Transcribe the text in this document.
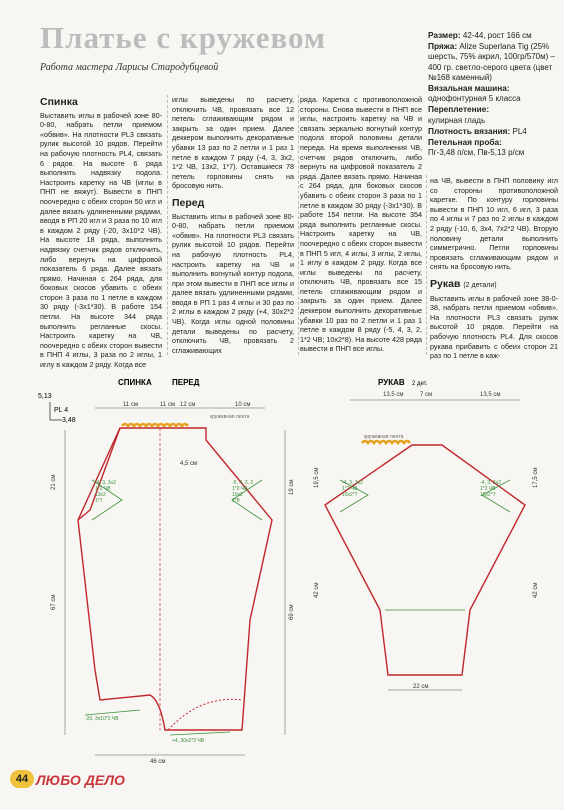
Платье с кружевом
Работа мастера Ларисы Стародубцевой
Размер: 42-44, рост 166 см
Пряжа: Alize Superlana Tig (25% шерсть, 75% акрил, 100гр/570м) – 400 гр. светло-серого цвета (цвет №168 каменный)
Вязальная машина:
однофонтурная 5 класса
Переплетение:
кулирная гладь
Плотность вязания: PL4
Петельная проба:
Пг-3,48 п/см, Пв-5,13 р/см
Спинка
Выставить иглы в рабочей зоне 80-0-80, набрать петли приемом «обвив». На плотности PL3 связать рулик высотой 10 рядов. Перейти на рабочую плотность PL4, связать 6 рядов. На высоте 6 ряда выполнить надвязку подола. Настроить каретку на ЧВ (иглы в ПНП не вяжут). Вывести в ПНП поочередно с обеих сторон 50 игл и далее вязать удлиненными рядами, вводя в РП 20 игл и 3 раза по 10 игл в каждом 2 ряду (-20, 3х10*2 ЧВ). На высоте 18 ряда, выполнить надвязку счетчик рядов отключить, либо вернуть на цифровой показатель 6 ряда. Далее вязать прямо. Начиная с 264 ряда, для боковых скосов убавить с обеих сторон 3 раза по 1 петле в каждом 30 ряду (-3х1*30). В работе 154 петли. На высоте 344 ряда выполнить регланные скосы. Настроить каретку на ЧВ, поочередно с обеих сторон вывести в ПНП 4 иглы, 3 раза по 2 иглы, 1 иглу в каждом 2 ряду. Когда все
иглы выведены по расчету, отключить ЧВ, провязать все 12 петель сглаживающим рядом и закрыть за один прием. Далее деккером выполнить декоративные убавки 13 раз по 2 петли и 1 раз 1 петле в каждом 7 ряду (-4, 3, 3х2, 1*2 ЧВ, 13х2, 1*7). Оставшиеся 78 петель горловины снять на бросовую нить.
Перед
Выставить иглы в рабочей зоне 80-0-80, набрать петли приемом «обвив». На плотности PL3 связать рулик высотой 10 рядов. Перейти на рабочую плотность PL4, настроить каретку на ЧВ и выполнить вогнутый контур подола, при этом вывести в ПНП все иглы и далее вязать удлиненными рядами, вводя в РП 1 раз 4 иглы и 30 раз по 2 иглы в каждом 2 ряду (+4, 30х2*2 ЧВ). Когда иглы одной половины детали выведены по расчету, отключить ЧВ, провязать 2 сглаживающих
ряда. Каретка с противоположной стороны. Снова вывести в ПНП все иглы, настроить каретку на ЧВ и связать зеркально вогнутый контур подола второй половины детали переда. На время выполнения ЧВ, счетчик рядов отключить, либо вернуть на цифровой показатель 2 ряда. Далее вязать прямо. Начиная с 264 ряда, для боковых скосов убавить с обеих сторон 3 раза по 1 петле в каждом 30 ряду (-3х1*30). В работе 154 петли. На высоте 354 ряда выполнить регланные скосы. Настроить каретку на ЧВ, поочередно с обеих сторон вывести в ПНП 5 игл, 4 иглы, 3 иглы, 2 иглы, 1 иглу в каждом 2 ряду. Когда все иглы выведены по расчету, отключить ЧВ, провязать все 15 петель сглаживающим рядом и закрыть за один прием. Далее деккером выполнить декоративные убавки 10 раз по 2 петли и 1 раз 1 петле в каждом 8 ряду (-5, 4, 3, 2, 1*2 ЧВ; 10х2*8). На высоте 428 ряда вывести в ПНП все иглы.
на ЧВ, вывести в ПНП половину игл со стороны противоположной каретке. По контуру горловины вывести в ПНП 10 игл, 6 игл, 3 раза по 4 иглы и 7 раз по 2 иглы в каждом 2 ряду (-10, 6, 3х4, 7х2*2 ЧВ). Вторую половину детали выполнить симметрично. Петли горловины провязать сглаживающим рядом и снять на бросовую нить.
Рукав (2 детали)
Выставить иглы в рабочей зоне 38-0-38, набрать петли приемом «обвив». На плотности PL3 связать рулик высотой 10 рядов. Перейти на рабочую плотность PL4. Для скосов рукава прибавить с обеих сторон 21 раз по 1 петле в каж-
СПИНКА	ПЕРЕД	РУКАВ 2 дет.
5,13
PL 4
3,48
11 см	11 см 12 см	10 см
кружевная лента
-4, 3, 3х2 1*2 ЧВ 13х2 1*7
-5, 4, 3, 2 1*2 ЧВ 10х2 1*8
-20, 3х10*2 ЧВ
+4, 30х2*2 ЧВ
21 см
67 см
19 см
69 см
46 см
4,5 см
13,5 см	7 см	13,5 см
кружевная лента
-4, 3, 3х2 1*2 ЧВ 16х2*7
-4, 3, 3х2 1*2 ЧВ 16х2*7
19,5 см	17,5 см
42 см	42 см
22 см
44 ЛЮБО ДЕЛО
